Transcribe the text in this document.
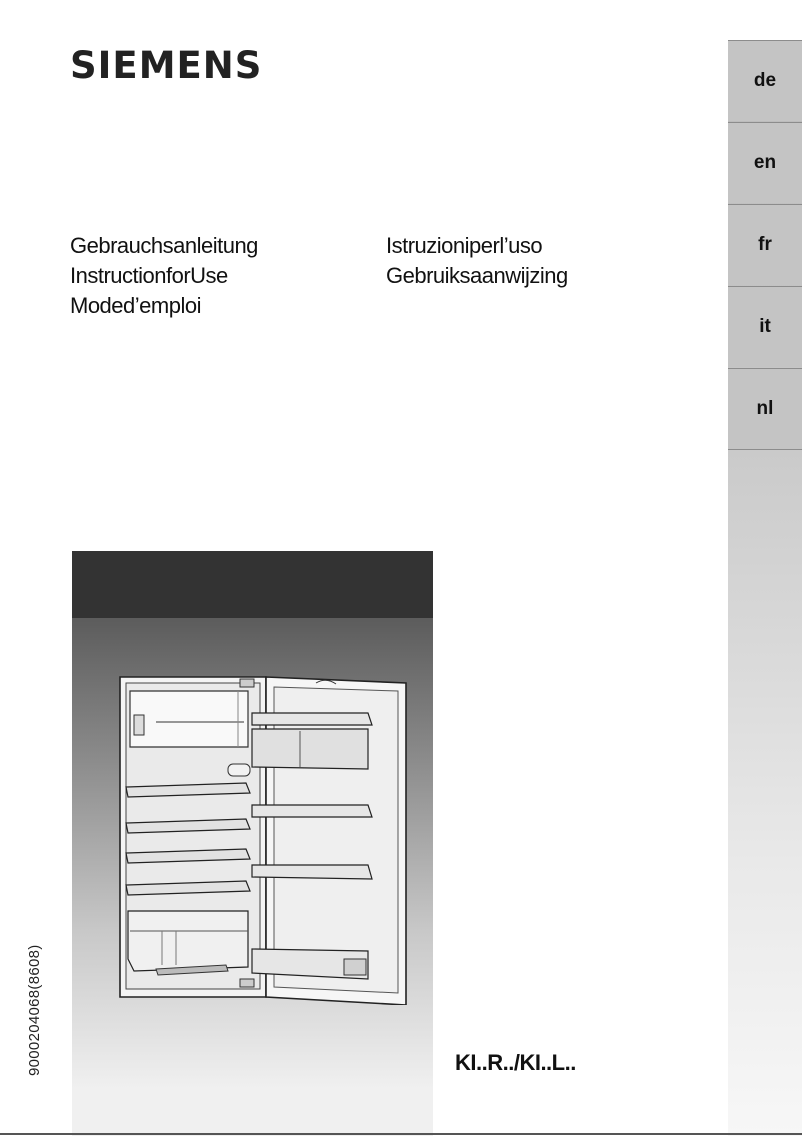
SIEMENS
Gebrauchsanleitung
InstructionforUse
Moded’emploi
Istruzioniperl’uso
Gebruiksaanwijzing
de
en
fr
it
nl
9000204068(8608)	KI..R../KI..L..
